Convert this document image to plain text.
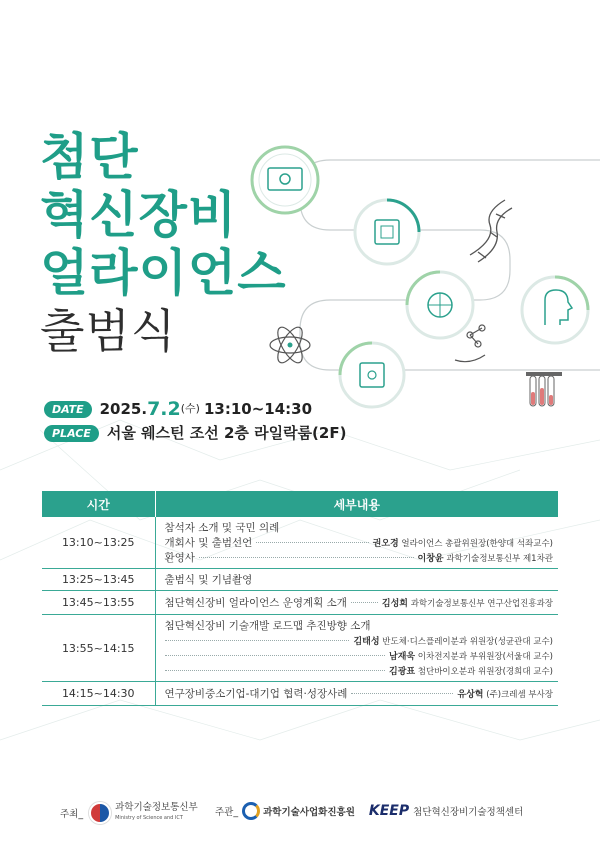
첨단
혁신장비
얼라이언스
출범식
DATE	2025. 7.2 (수) 13:10~14:30
PLACE	서울 웨스틴 조선 2층 라일락룸(2F)
시간	세부내용
13:10~13:25	참석자 소개 및 국민 의례
개회사 및 출범선언 권오경 얼라이언스 총괄위원장(한양대 석좌교수)
환영사 이창윤 과학기술정보통신부 제1차관

13:25~13:45	출범식 및 기념촬영

13:45~13:55	첨단혁신장비 얼라이언스 운영계획 소개 김성희 과학기술정보통신부 연구산업진흥과장

13:55~14:15	첨단혁신장비 기술개발 로드맵 추진방향 소개
김태성 반도체·디스플레이분과 위원장(성균관대 교수)
남재욱 이차전지분과 부위원장(서울대 교수)
김광표 첨단바이오분과 위원장(경희대 교수)

14:15~14:30	연구장비중소기업-대기업 협력·성장사례 유상혁 (주)크레셈 부사장
주최_
과학기술정보통신부
Ministry of Science and ICT	주관_	과학기술사업화진흥원 KEEP 첨단혁신장비기술정책센터
